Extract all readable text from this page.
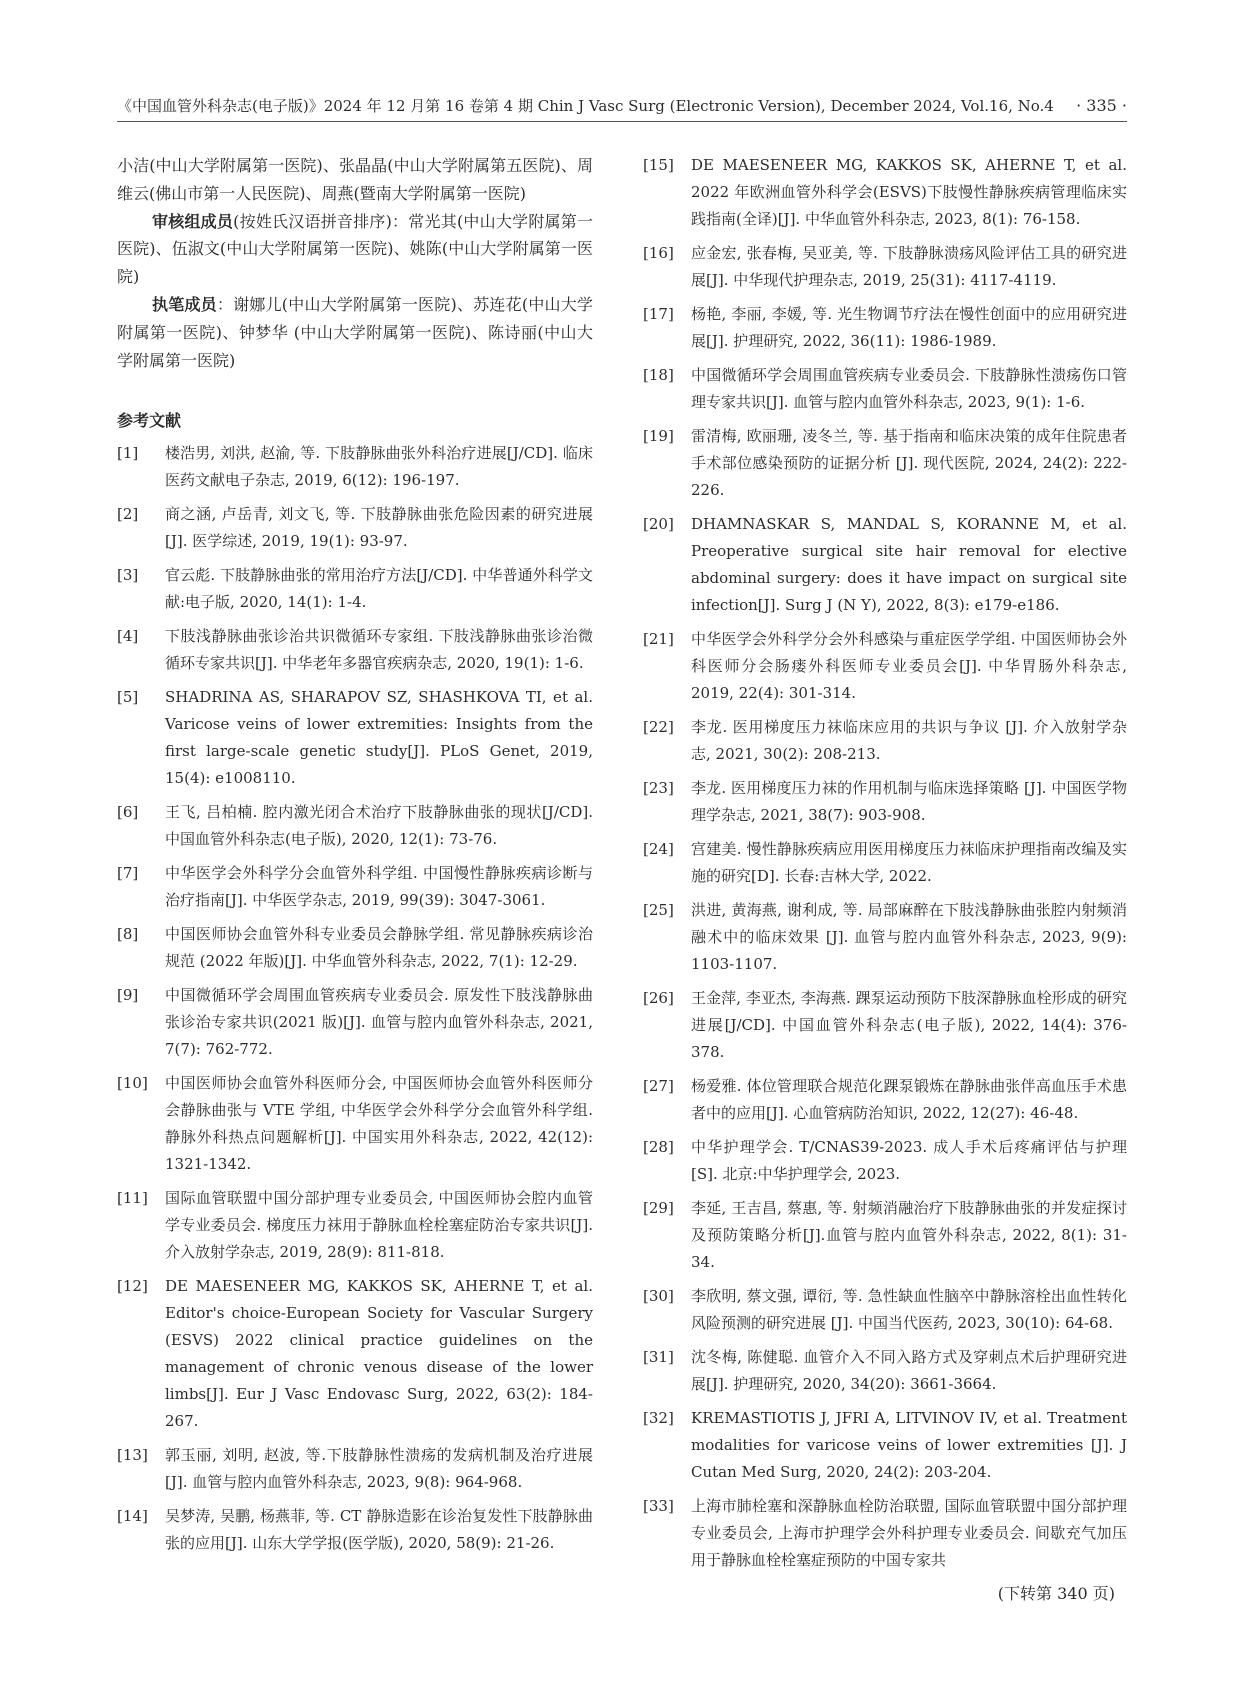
《中国血管外科杂志(电子版)》2024 年 12 月第 16 卷第 4 期 Chin J Vasc Surg (Electronic Version), December 2024, Vol.16, No.4 · 335 ·

小洁(中山大学附属第一医院)、张晶晶(中山大学附属第五医院)、周维云(佛山市第一人民医院)、周燕(暨南大学附属第一医院)

审核组成员(按姓氏汉语拼音排序)：常光其(中山大学附属第一医院)、伍淑文(中山大学附属第一医院)、姚陈(中山大学附属第一医院)

执笔成员：谢娜儿(中山大学附属第一医院)、苏连花(中山大学附属第一医院)、钟梦华 (中山大学附属第一医院)、陈诗丽(中山大学附属第一医院)

参考文献
[1]	楼浩男, 刘洪, 赵渝, 等. 下肢静脉曲张外科治疗进展[J/CD]. 临床医药文献电子杂志, 2019, 6(12): 196-197.
[2]	商之涵, 卢岳青, 刘文飞, 等. 下肢静脉曲张危险因素的研究进展[J]. 医学综述, 2019, 19(1): 93-97.
[3]	官云彪. 下肢静脉曲张的常用治疗方法[J/CD]. 中华普通外科学文献:电子版, 2020, 14(1): 1-4.
[4]	下肢浅静脉曲张诊治共识微循环专家组. 下肢浅静脉曲张诊治微循环专家共识[J]. 中华老年多器官疾病杂志, 2020, 19(1): 1-6.
[5]	SHADRINA AS, SHARAPOV SZ, SHASHKOVA TI, et al. Varicose veins of lower extremities: Insights from the first large-scale genetic study[J]. PLoS Genet, 2019, 15(4): e1008110.
[6]	王飞, 吕柏楠. 腔内激光闭合术治疗下肢静脉曲张的现状[J/CD]. 中国血管外科杂志(电子版), 2020, 12(1): 73-76.
[7]	中华医学会外科学分会血管外科学组. 中国慢性静脉疾病诊断与治疗指南[J]. 中华医学杂志, 2019, 99(39): 3047-3061.
[8]	中国医师协会血管外科专业委员会静脉学组. 常见静脉疾病诊治规范 (2022 年版)[J]. 中华血管外科杂志, 2022, 7(1): 12-29.
[9]	中国微循环学会周围血管疾病专业委员会. 原发性下肢浅静脉曲张诊治专家共识(2021 版)[J]. 血管与腔内血管外科杂志, 2021, 7(7): 762-772.
[10]	中国医师协会血管外科医师分会, 中国医师协会血管外科医师分会静脉曲张与 VTE 学组, 中华医学会外科学分会血管外科学组. 静脉外科热点问题解析[J]. 中国实用外科杂志, 2022, 42(12): 1321-1342.
[11]	国际血管联盟中国分部护理专业委员会, 中国医师协会腔内血管学专业委员会. 梯度压力袜用于静脉血栓栓塞症防治专家共识[J]. 介入放射学杂志, 2019, 28(9): 811-818.
[12]	DE MAESENEER MG, KAKKOS SK, AHERNE T, et al. Editor's choice-European Society for Vascular Surgery (ESVS) 2022 clinical practice guidelines on the management of chronic venous disease of the lower limbs[J]. Eur J Vasc Endovasc Surg, 2022, 63(2): 184-267.
[13]	郭玉丽, 刘明, 赵波, 等.下肢静脉性溃疡的发病机制及治疗进展[J]. 血管与腔内血管外科杂志, 2023, 9(8): 964-968.
[14]	吴梦涛, 吴鹏, 杨燕菲, 等. CT 静脉造影在诊治复发性下肢静脉曲张的应用[J]. 山东大学学报(医学版), 2020, 58(9): 21-26.
[15]	DE MAESENEER MG, KAKKOS SK, AHERNE T, et al. 2022 年欧洲血管外科学会(ESVS)下肢慢性静脉疾病管理临床实践指南(全译)[J]. 中华血管外科杂志, 2023, 8(1): 76-158.
[16]	应金宏, 张春梅, 吴亚美, 等. 下肢静脉溃疡风险评估工具的研究进展[J]. 中华现代护理杂志, 2019, 25(31): 4117-4119.
[17]	杨艳, 李丽, 李媛, 等. 光生物调节疗法在慢性创面中的应用研究进展[J]. 护理研究, 2022, 36(11): 1986-1989.
[18]	中国微循环学会周围血管疾病专业委员会. 下肢静脉性溃疡伤口管理专家共识[J]. 血管与腔内血管外科杂志, 2023, 9(1): 1-6.
[19]	雷清梅, 欧丽珊, 凌冬兰, 等. 基于指南和临床决策的成年住院患者手术部位感染预防的证据分析 [J]. 现代医院, 2024, 24(2): 222-226.
[20]	DHAMNASKAR S, MANDAL S, KORANNE M, et al. Preoperative surgical site hair removal for elective abdominal surgery: does it have impact on surgical site infection[J]. Surg J (N Y), 2022, 8(3): e179-e186.
[21]	中华医学会外科学分会外科感染与重症医学学组. 中国医师协会外科医师分会肠瘘外科医师专业委员会[J]. 中华胃肠外科杂志, 2019, 22(4): 301-314.
[22]	李龙. 医用梯度压力袜临床应用的共识与争议 [J]. 介入放射学杂志, 2021, 30(2): 208-213.
[23]	李龙. 医用梯度压力袜的作用机制与临床选择策略 [J]. 中国医学物理学杂志, 2021, 38(7): 903-908.
[24]	宫建美. 慢性静脉疾病应用医用梯度压力袜临床护理指南改编及实施的研究[D]. 长春:吉林大学, 2022.
[25]	洪进, 黄海燕, 谢利成, 等. 局部麻醉在下肢浅静脉曲张腔内射频消融术中的临床效果 [J]. 血管与腔内血管外科杂志, 2023, 9(9): 1103-1107.
[26]	王金萍, 李亚杰, 李海燕. 踝泵运动预防下肢深静脉血栓形成的研究进展[J/CD]. 中国血管外科杂志(电子版), 2022, 14(4): 376-378.
[27]	杨爱雅. 体位管理联合规范化踝泵锻炼在静脉曲张伴高血压手术患者中的应用[J]. 心血管病防治知识, 2022, 12(27): 46-48.
[28]	中华护理学会. T/CNAS39-2023. 成人手术后疼痛评估与护理[S]. 北京:中华护理学会, 2023.
[29]	李延, 王吉昌, 蔡惠, 等. 射频消融治疗下肢静脉曲张的并发症探讨及预防策略分析[J].血管与腔内血管外科杂志, 2022, 8(1): 31-34.
[30]	李欣明, 蔡文强, 谭衍, 等. 急性缺血性脑卒中静脉溶栓出血性转化风险预测的研究进展 [J]. 中国当代医药, 2023, 30(10): 64-68.
[31]	沈冬梅, 陈健聪. 血管介入不同入路方式及穿刺点术后护理研究进展[J]. 护理研究, 2020, 34(20): 3661-3664.
[32]	KREMASTIOTIS J, JFRI A, LITVINOV IV, et al. Treatment modalities for varicose veins of lower extremities [J]. J Cutan Med Surg, 2020, 24(2): 203-204.
[33]	上海市肺栓塞和深静脉血栓防治联盟, 国际血管联盟中国分部护理专业委员会, 上海市护理学会外科护理专业委员会. 间歇充气加压用于静脉血栓栓塞症预防的中国专家共
(下转第 340 页)
